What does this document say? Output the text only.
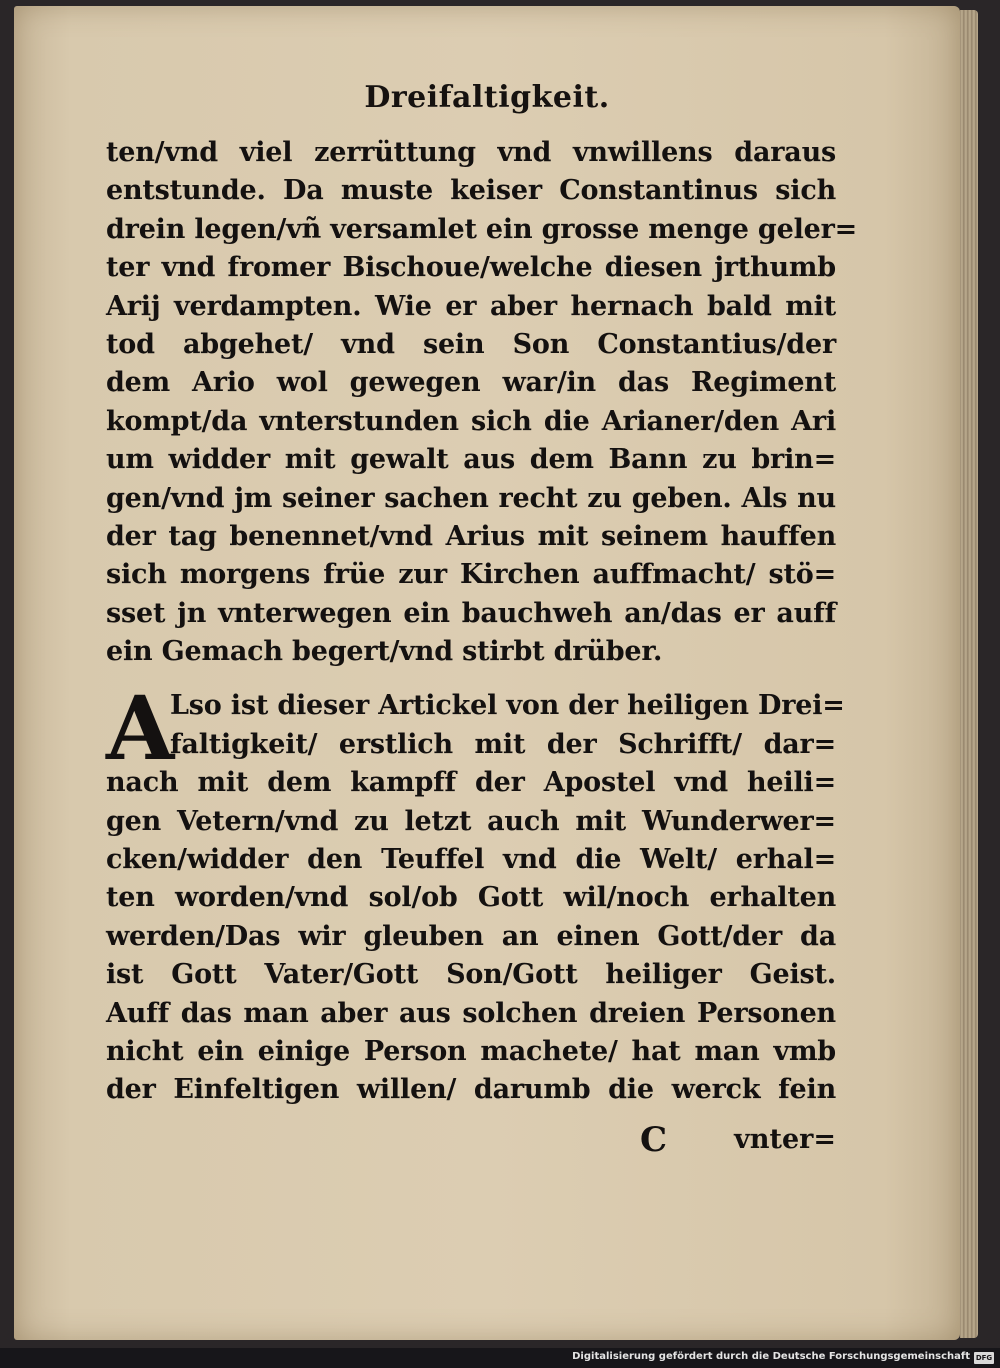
Dreifaltigkeit.
ten/vnd viel zerrüttung vnd vnwillens daraus
entstunde. Da muste keiser Constantinus sich
drein legen/vñ versamlet ein grosse menge geler=
ter vnd fromer Bischoue/welche diesen jrthumb
Arij verdampten. Wie er aber hernach bald mit
tod abgehet/ vnd sein Son Constantius/der
dem Ario wol gewegen war/in das Regiment
kompt/da vnterstunden sich die Arianer/den Ari
um widder mit gewalt aus dem Bann zu brin=
gen/vnd jm seiner sachen recht zu geben. Als nu
der tag benennet/vnd Arius mit seinem hauffen
sich morgens früe zur Kirchen auffmacht/ stö=
sset jn vnterwegen ein bauchweh an/das er auff
ein Gemach begert/vnd stirbt drüber.
A
Lso ist dieser Artickel von der heiligen Drei=
faltigkeit/ erstlich mit der Schrifft/ dar=
nach mit dem kampff der Apostel vnd heili=
gen Vetern/vnd zu letzt auch mit Wunderwer=
cken/widder den Teuffel vnd die Welt/ erhal=
ten worden/vnd sol/ob Gott wil/noch erhalten
werden/Das wir gleuben an einen Gott/der da
ist Gott Vater/Gott Son/Gott heiliger Geist.
Auff das man aber aus solchen dreien Personen
nicht ein einige Person machete/ hat man vmb
der Einfeltigen willen/ darumb die werck fein

C vnter=
Digitalisierung gefördert durch die Deutsche Forschungsgemeinschaft DFG
